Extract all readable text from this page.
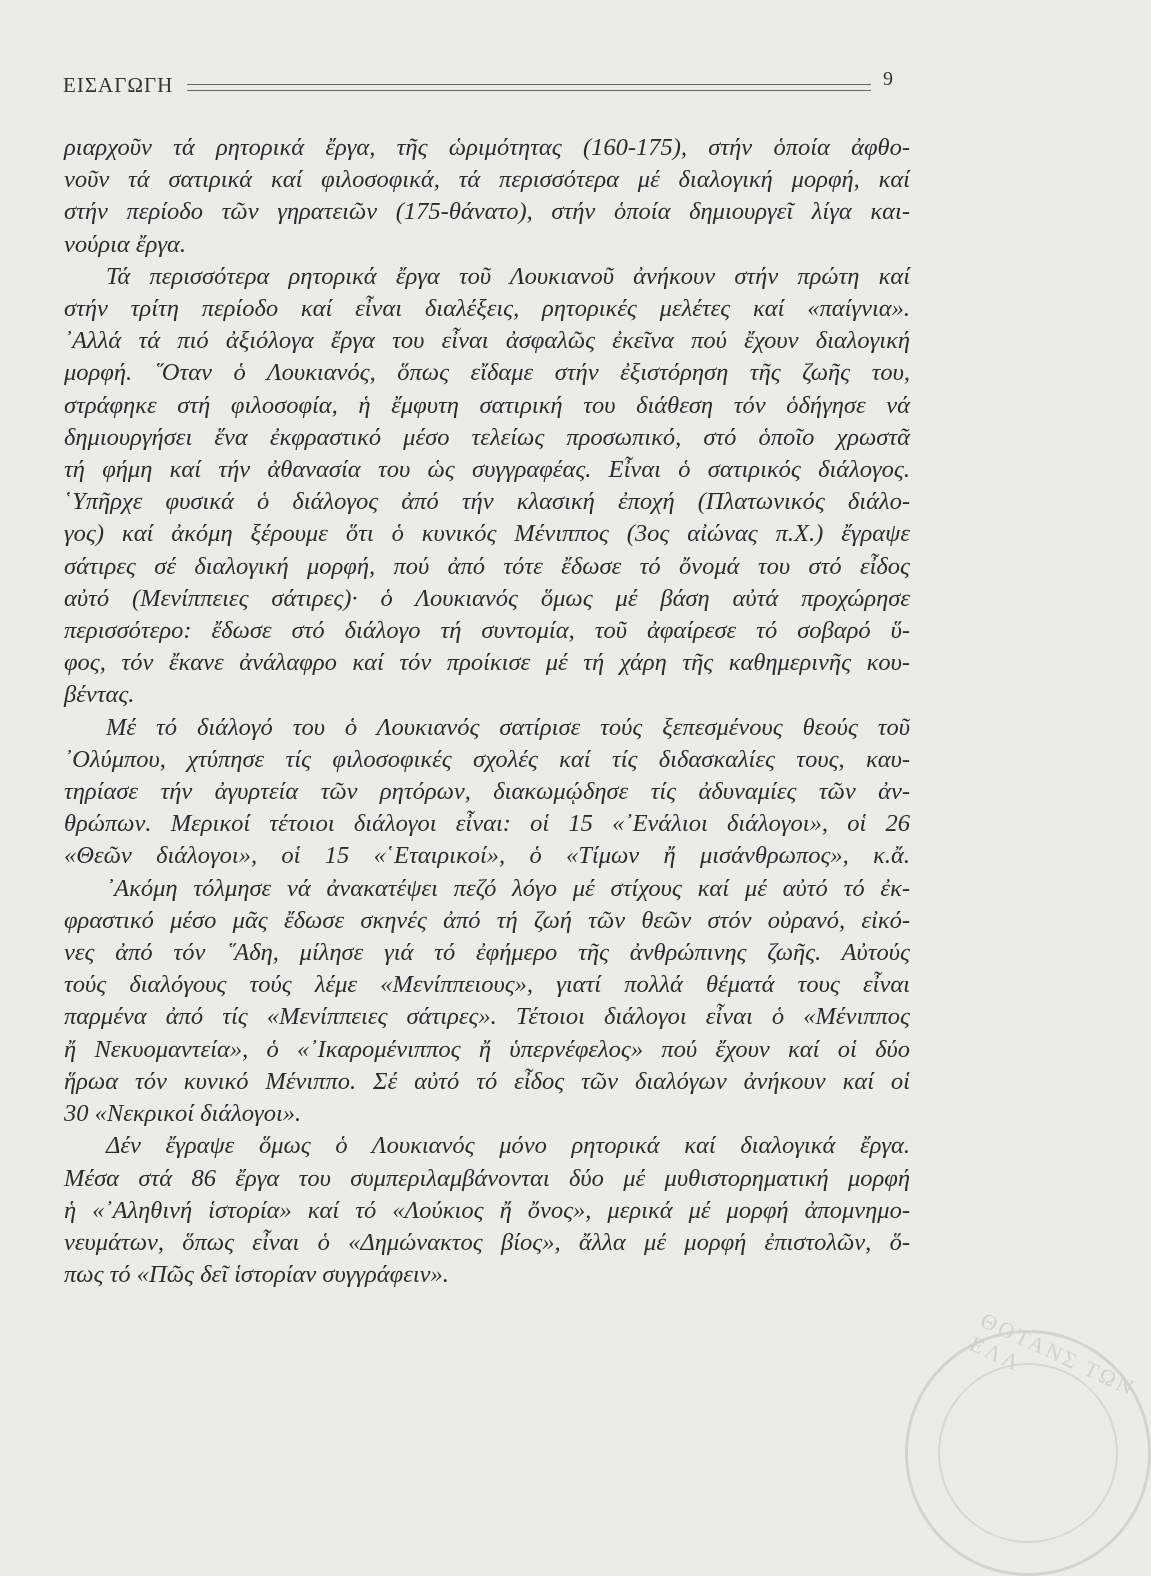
ΕΙΣΑΓΩΓΗ	9
ριαρχοῦν τά ρητορικά ἔργα, τῆς ὡριμότητας (160-175), στήν ὁποία ἀφθο-
νοῦν τά σατιρικά καί φιλοσοφικά, τά περισσότερα μέ διαλογική μορφή, καί
στήν περίοδο τῶν γηρατειῶν (175-θάνατο), στήν ὁποία δημιουργεῖ λίγα και-
νούρια ἔργα.
Τά περισσότερα ρητορικά ἔργα τοῦ Λουκιανοῦ ἀνήκουν στήν πρώτη καί
στήν τρίτη περίοδο καί εἶναι διαλέξεις, ρητορικές μελέτες καί «παίγνια».
᾿Αλλά τά πιό ἀξιόλογα ἔργα του εἶναι ἀσφαλῶς ἐκεῖνα πού ἔχουν διαλογική
μορφή. ῞Οταν ὁ Λουκιανός, ὅπως εἴδαμε στήν ἐξιστόρηση τῆς ζωῆς του,
στράφηκε στή φιλοσοφία, ἡ ἔμφυτη σατιρική του διάθεση τόν ὁδήγησε νά
δημιουργήσει ἕνα ἐκφραστικό μέσο τελείως προσωπικό, στό ὁποῖο χρωστᾶ
τή φήμη καί τήν ἀθανασία του ὡς συγγραφέας. Εἶναι ὁ σατιρικός διάλογος.
῾Υπῆρχε φυσικά ὁ διάλογος ἀπό τήν κλασική ἐποχή (Πλατωνικός διάλο-
γος) καί ἀκόμη ξέρουμε ὅτι ὁ κυνικός Μένιππος (3ος αἰώνας π.Χ.) ἔγραψε
σάτιρες σέ διαλογική μορφή, πού ἀπό τότε ἔδωσε τό ὄνομά του στό εἶδος
αὐτό (Μενίππειες σάτιρες)· ὁ Λουκιανός ὅμως μέ βάση αὐτά προχώρησε
περισσότερο: ἔδωσε στό διάλογο τή συντομία, τοῦ ἀφαίρεσε τό σοβαρό ὕ-
φος, τόν ἔκανε ἀνάλαφρο καί τόν προίκισε μέ τή χάρη τῆς καθημερινῆς κου-
βέντας.
Μέ τό διάλογό του ὁ Λουκιανός σατίρισε τούς ξεπεσμένους θεούς τοῦ
᾿Ολύμπου, χτύπησε τίς φιλοσοφικές σχολές καί τίς διδασκαλίες τους, καυ-
τηρίασε τήν ἀγυρτεία τῶν ρητόρων, διακωμῴδησε τίς ἀδυναμίες τῶν ἀν-
θρώπων. Μερικοί τέτοιοι διάλογοι εἶναι: οἱ 15 «᾿Ενάλιοι διάλογοι», οἱ 26
«Θεῶν διάλογοι», οἱ 15 «῾Εταιρικοί», ὁ «Τίμων ἤ μισάνθρωπος», κ.ἄ.
᾿Ακόμη τόλμησε νά ἀνακατέψει πεζό λόγο μέ στίχους καί μέ αὐτό τό ἐκ-
φραστικό μέσο μᾶς ἔδωσε σκηνές ἀπό τή ζωή τῶν θεῶν στόν οὐρανό, εἰκό-
νες ἀπό τόν ῞Αδη, μίλησε γιά τό ἐφήμερο τῆς ἀνθρώπινης ζωῆς. Αὐτούς
τούς διαλόγους τούς λέμε «Μενίππειους», γιατί πολλά θέματά τους εἶναι
παρμένα ἀπό τίς «Μενίππειες σάτιρες». Τέτοιοι διάλογοι εἶναι ὁ «Μένιππος
ἤ Νεκυομαντεία», ὁ «᾿Ικαρομένιππος ἤ ὑπερνέφελος» πού ἔχουν καί οἱ δύο
ἥρωα τόν κυνικό Μένιππο. Σέ αὐτό τό εἶδος τῶν διαλόγων ἀνήκουν καί οἱ
30 «Νεκρικοί διάλογοι».
Δέν ἔγραψε ὅμως ὁ Λουκιανός μόνο ρητορικά καί διαλογικά ἔργα.
Μέσα στά 86 ἔργα του συμπεριλαμβάνονται δύο μέ μυθιστορηματική μορφή
ἡ «᾿Αληθινή ἱστορία» καί τό «Λούκιος ἤ ὄνος», μερικά μέ μορφή ἀπομνημο-
νευμάτων, ὅπως εἶναι ὁ «Δημώνακτος βίος», ἄλλα μέ μορφή ἐπιστολῶν, ὅ-
πως τό «Πῶς δεῖ ἱστορίαν συγγράφειν».
ΘΟΤΑΝΣ ΤΩΝ ΕΛΛ
